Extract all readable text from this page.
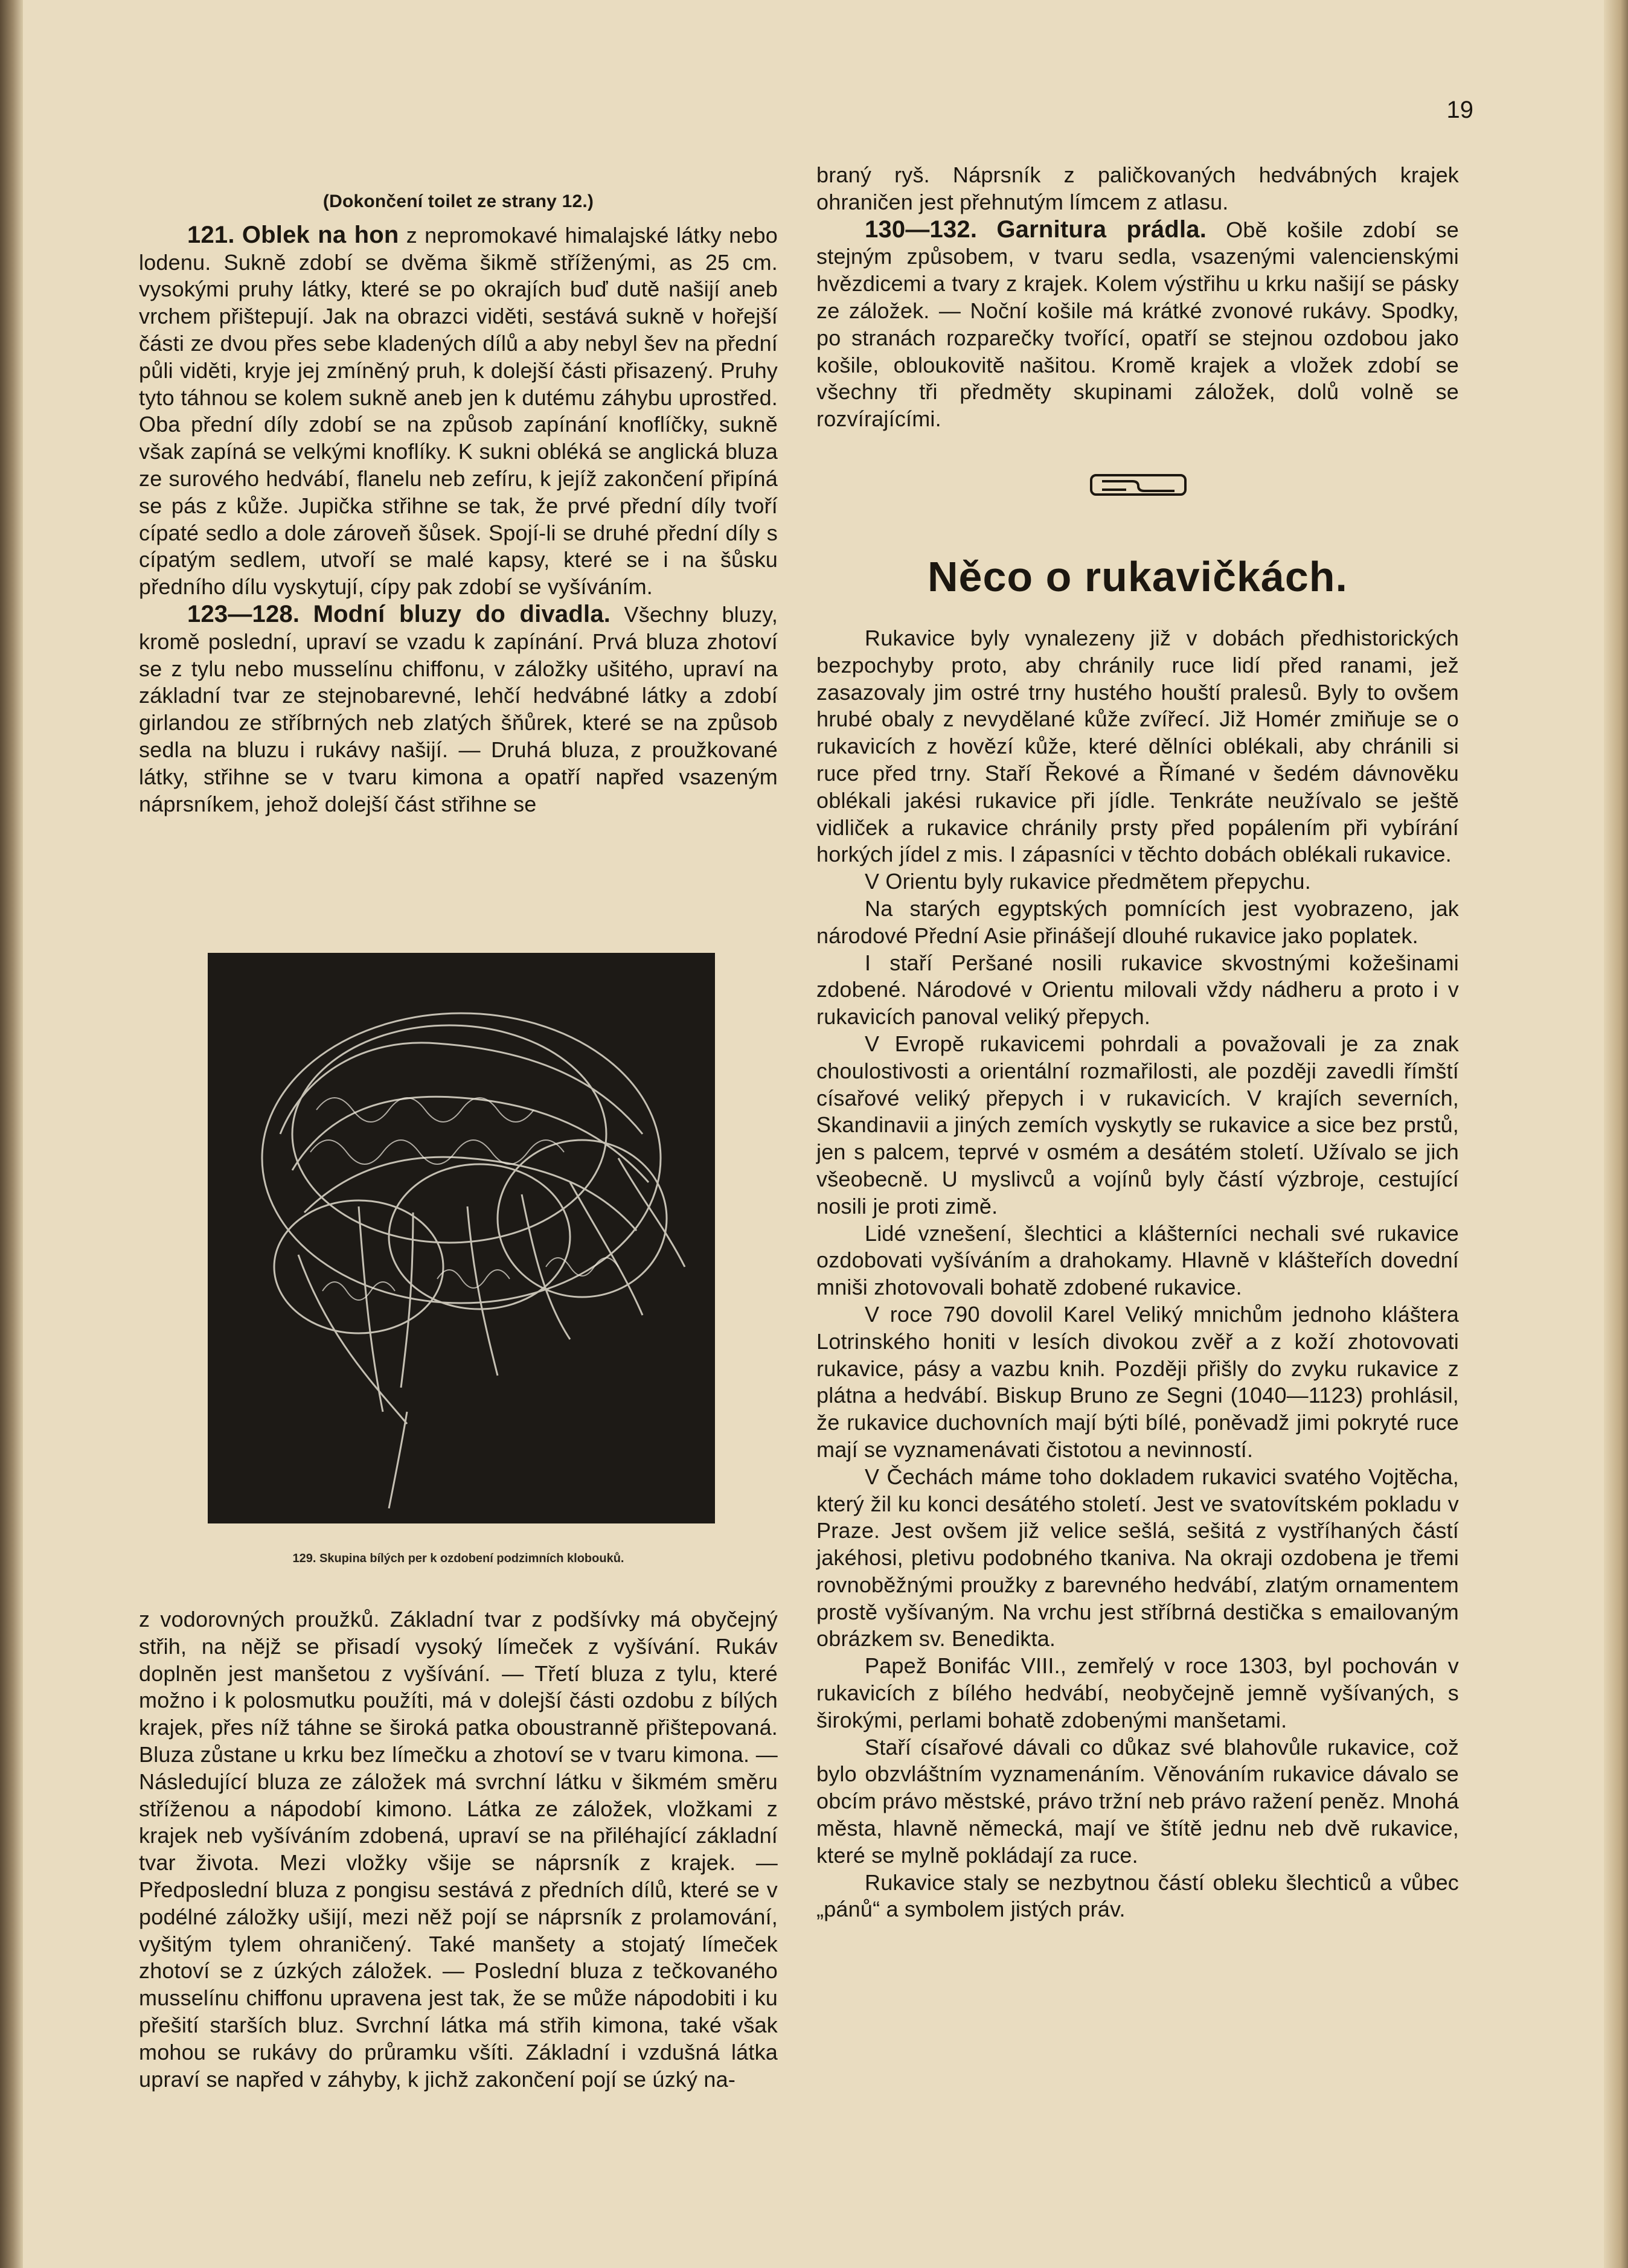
19

(Dokončení toilet ze strany 12.)

121. Oblek na hon z nepromokavé himalajské látky nebo lodenu. Sukně zdobí se dvěma šikmě stříženými, as 25 cm. vysokými pruhy látky, které se po okrajích buď dutě našijí aneb vrchem přištepují. Jak na obrazci viděti, sestává sukně v hořejší části ze dvou přes sebe kladených dílů a aby nebyl šev na přední půli viděti, kryje jej zmíněný pruh, k dolejší části přisazený. Pruhy tyto táhnou se kolem sukně aneb jen k dutému záhybu uprostřed. Oba přední díly zdobí se na způsob zapínání knoflíčky, sukně však zapíná se velkými knoflíky. K sukni obléká se anglická bluza ze surového hedvábí, flanelu neb zefíru, k jejíž zakončení připíná se pás z kůže. Jupička střihne se tak, že prvé přední díly tvoří cípaté sedlo a dole zároveň šůsek. Spojí-li se druhé přední díly s cípatým sedlem, utvoří se malé kapsy, které se i na šůsku předního dílu vyskytují, cípy pak zdobí se vyšíváním.

123—128. Modní bluzy do divadla. Všechny bluzy, kromě poslední, upraví se vzadu k zapínání. Prvá bluza zhotoví se z tylu nebo musselínu chiffonu, v záložky ušitého, upraví na základní tvar ze stejnobarevné, lehčí hedvábné látky a zdobí girlandou ze stříbrných neb zlatých šňůrek, které se na způsob sedla na bluzu i rukávy našijí. — Druhá bluza, z proužkované látky, střihne se v tvaru kimona a opatří napřed vsazeným náprsníkem, jehož dolejší část střihne se

129. Skupina bílých per k ozdobení podzimních klobouků.

z vodorovných proužků. Základní tvar z podšívky má obyčejný střih, na nějž se přisadí vysoký límeček z vyšívání. Rukáv doplněn jest manšetou z vyšívání. — Třetí bluza z tylu, které možno i k polosmutku použíti, má v dolejší části ozdobu z bílých krajek, přes níž táhne se široká patka oboustranně přištepovaná. Bluza zůstane u krku bez límečku a zhotoví se v tvaru kimona. — Následující bluza ze záložek má svrchní látku v šikmém směru stříženou a nápodobí kimono. Látka ze záložek, vložkami z krajek neb vyšíváním zdobená, upraví se na přiléhající základní tvar života. Mezi vložky všije se náprsník z krajek. — Předposlední bluza z pongisu sestává z předních dílů, které se v podélné záložky ušijí, mezi něž pojí se náprsník z prolamování, vyšitým tylem ohraničený. Také manšety a stojatý límeček zhotoví se z úzkých záložek. — Poslední bluza z tečkovaného musselínu chiffonu upravena jest tak, že se může nápodobiti i ku přešití starších bluz. Svrchní látka má střih kimona, také však mohou se rukávy do průramku všíti. Základní i vzdušná látka upraví se napřed v záhyby, k jichž zakončení pojí se úzký na-

braný ryš. Náprsník z paličkovaných hedvábných krajek ohraničen jest přehnutým límcem z atlasu.

130—132. Garnitura prádla. Obě košile zdobí se stejným způsobem, v tvaru sedla, vsazenými valencienskými hvězdicemi a tvary z krajek. Kolem výstřihu u krku našijí se pásky ze záložek. — Noční košile má krátké zvonové rukávy. Spodky, po stranách rozparečky tvořící, opatří se stejnou ozdobou jako košile, obloukovitě našitou. Kromě krajek a vložek zdobí se všechny tři předměty skupinami záložek, dolů volně se rozvírajícími.

Něco o rukavičkách.

Rukavice byly vynalezeny již v dobách předhistorických bezpochyby proto, aby chránily ruce lidí před ranami, jež zasazovaly jim ostré trny hustého houští pralesů. Byly to ovšem hrubé obaly z nevydělané kůže zvířecí. Již Homér zmiňuje se o rukavicích z hovězí kůže, které dělníci oblékali, aby chránili si ruce před trny. Staří Řekové a Římané v šedém dávnověku oblékali jakési rukavice při jídle. Tenkráte neužívalo se ještě vidliček a rukavice chránily prsty před popálením při vybírání horkých jídel z mis. I zápasníci v těchto dobách oblékali rukavice.

V Orientu byly rukavice předmětem přepychu.

Na starých egyptských pomnících jest vyobrazeno, jak národové Přední Asie přinášejí dlouhé rukavice jako poplatek.

I staří Peršané nosili rukavice skvostnými kožešinami zdobené. Národové v Orientu milovali vždy nádheru a proto i v rukavicích panoval veliký přepych.

V Evropě rukavicemi pohrdali a považovali je za znak choulostivosti a orientální rozmařilosti, ale později zavedli římští císařové veliký přepych i v rukavicích. V krajích severních, Skandinavii a jiných zemích vyskytly se rukavice a sice bez prstů, jen s palcem, teprvé v osmém a desátém století. Užívalo se jich všeobecně. U myslivců a vojínů byly částí výzbroje, cestující nosili je proti zimě.

Lidé vznešení, šlechtici a klášterníci nechali své rukavice ozdobovati vyšíváním a drahokamy. Hlavně v klášteřích dovední mniši zhotovovali bohatě zdobené rukavice.

V roce 790 dovolil Karel Veliký mnichům jednoho kláštera Lotrinského honiti v lesích divokou zvěř a z koží zhotovovati rukavice, pásy a vazbu knih. Později přišly do zvyku rukavice z plátna a hedvábí. Biskup Bruno ze Segni (1040—1123) prohlásil, že rukavice duchovních mají býti bílé, poněvadž jimi pokryté ruce mají se vyznamenávati čistotou a nevinností.

V Čechách máme toho dokladem rukavici svatého Vojtěcha, který žil ku konci desátého století. Jest ve svatovítském pokladu v Praze. Jest ovšem již velice sešlá, sešitá z vystříhaných částí jakéhosi, pletivu podobného tkaniva. Na okraji ozdobena je třemi rovnoběžnými proužky z barevného hedvábí, zlatým ornamentem prostě vyšívaným. Na vrchu jest stříbrná destička s emailovaným obrázkem sv. Benedikta.

Papež Bonifác VIII., zemřelý v roce 1303, byl pochován v rukavicích z bílého hedvábí, neobyčejně jemně vyšívaných, s širokými, perlami bohatě zdobenými manšetami.

Staří císařové dávali co důkaz své blahovůle rukavice, což bylo obzvláštním vyznamenáním. Věnováním rukavice dávalo se obcím právo městské, právo tržní neb právo ražení peněz. Mnohá města, hlavně německá, mají ve štítě jednu neb dvě rukavice, které se mylně pokládají za ruce.

Rukavice staly se nezbytnou částí obleku šlechticů a vůbec „pánů“ a symbolem jistých práv.
